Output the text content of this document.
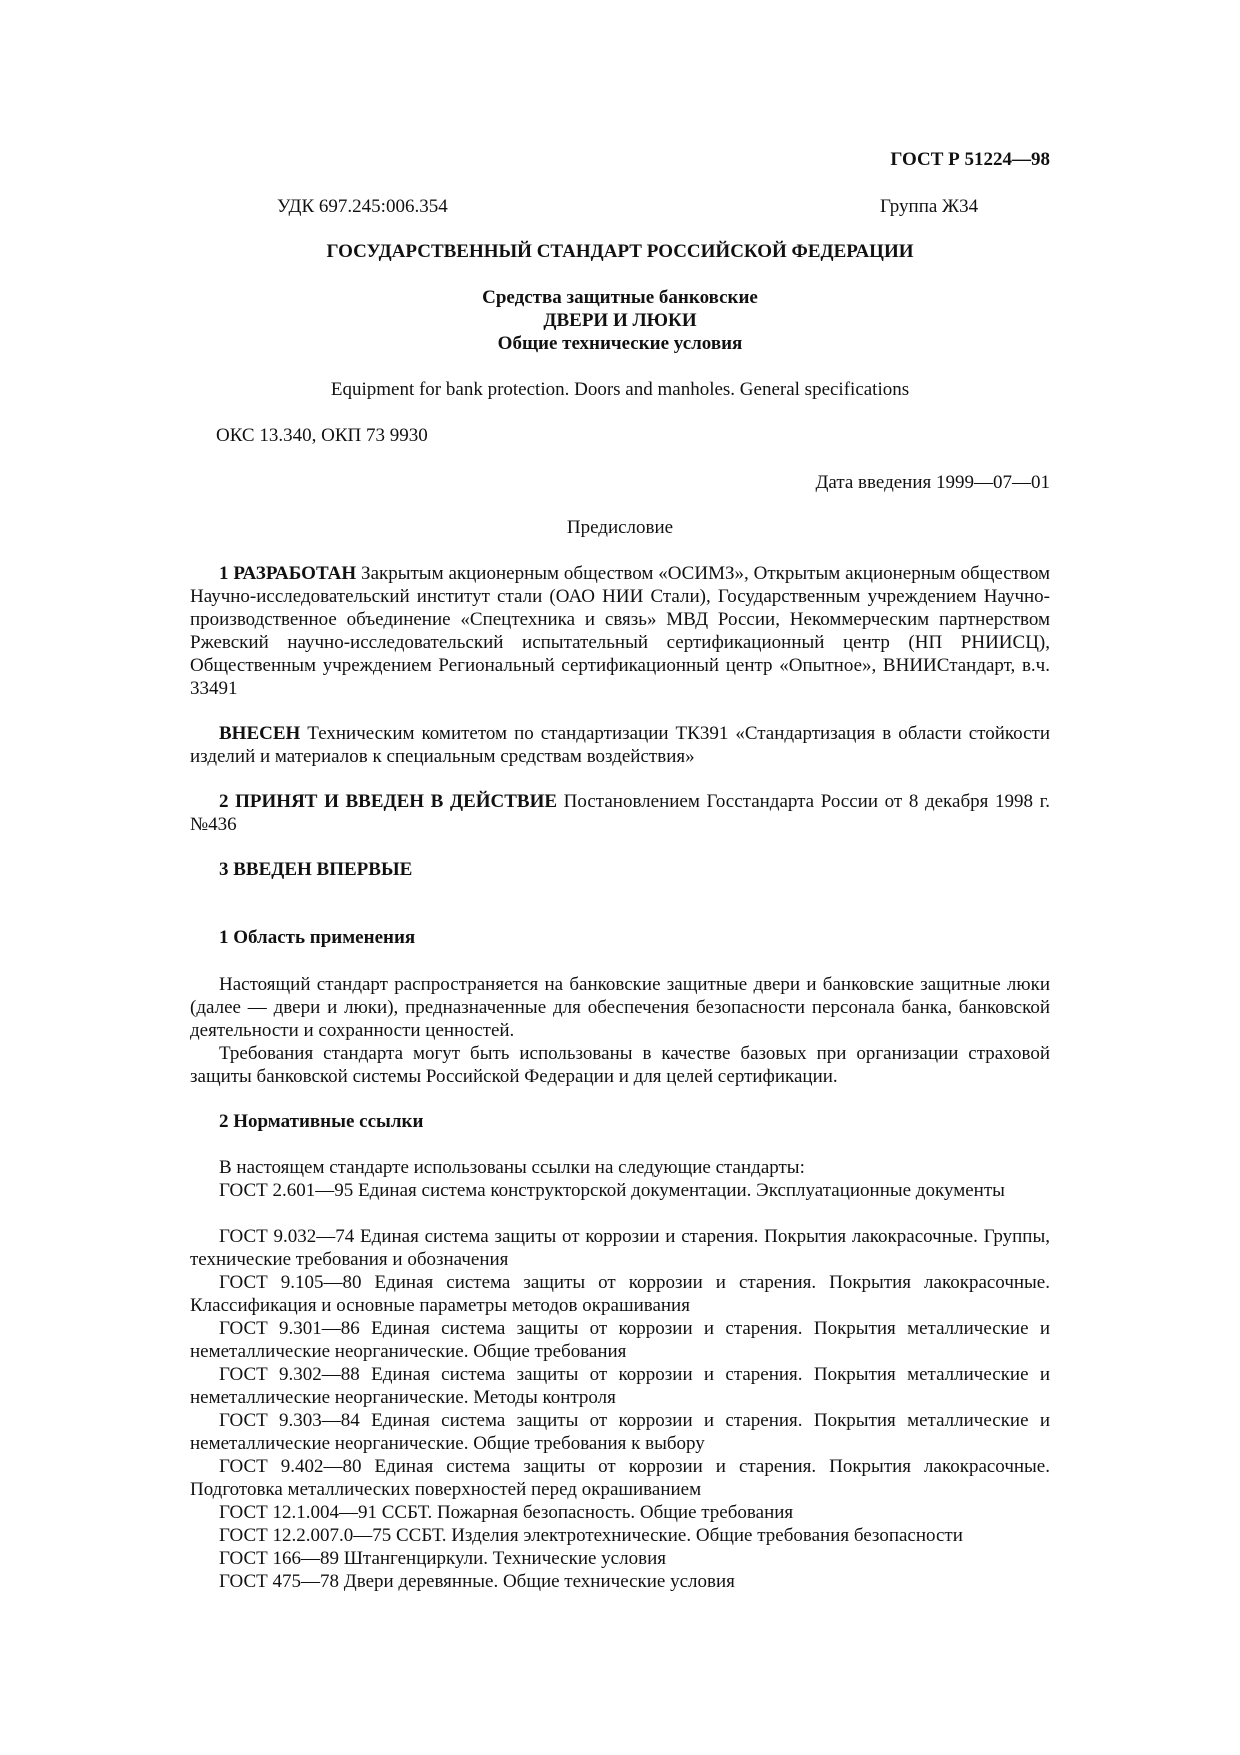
ГОСТ Р 51224—98
УДК 697.245:006.354	Группа Ж34
ГОСУДАРСТВЕННЫЙ СТАНДАРТ РОССИЙСКОЙ ФЕДЕРАЦИИ
Средства защитные банковские
ДВЕРИ И ЛЮКИ
Общие технические условия
Equipment for bank protection. Doors and manholes. General specifications
ОКС 13.340, ОКП 73 9930
Дата введения 1999—07—01
Предисловие
1 РАЗРАБОТАН Закрытым акционерным обществом «ОСИМЗ», Открытым акционерным обществом Научно-исследовательский институт стали (ОАО НИИ Стали), Государственным учреждением Научно-производственное объединение «Спецтехника и связь» МВД России, Некоммерческим партнерством Ржевский научно-исследовательский испытательный сертификационный центр (НП РНИИСЦ), Общественным учреждением Региональный сертификационный центр «Опытное», ВНИИСтандарт, в.ч. 33491
ВНЕСЕН Техническим комитетом по стандартизации ТК391 «Стандартизация в области стойкости изделий и материалов к специальным средствам воздействия»
2 ПРИНЯТ И ВВЕДЕН В ДЕЙСТВИЕ Постановлением Госстандарта России от 8 декабря 1998 г. №436
3 ВВЕДЕН ВПЕРВЫЕ
1 Область применения
Настоящий стандарт распространяется на банковские защитные двери и банковские защитные люки (далее — двери и люки), предназначенные для обеспечения безопасности персонала банка, банковской деятельности и сохранности ценностей.
Требования стандарта могут быть использованы в качестве базовых при организации страховой защиты банковской системы Российской Федерации и для целей сертификации.
2 Нормативные ссылки
В настоящем стандарте использованы ссылки на следующие стандарты:
ГОСТ 2.601—95 Единая система конструкторской документации. Эксплуатационные документы
ГОСТ 9.032—74 Единая система защиты от коррозии и старения. Покрытия лакокрасочные. Группы, технические требования и обозначения
ГОСТ 9.105—80 Единая система защиты от коррозии и старения. Покрытия лакокрасочные. Классификация и основные параметры методов окрашивания
ГОСТ 9.301—86 Единая система защиты от коррозии и старения. Покрытия металлические и неметаллические неорганические. Общие требования
ГОСТ 9.302—88 Единая система защиты от коррозии и старения. Покрытия металлические и неметаллические неорганические. Методы контроля
ГОСТ 9.303—84 Единая система защиты от коррозии и старения. Покрытия металлические и неметаллические неорганические. Общие требования к выбору
ГОСТ 9.402—80 Единая система защиты от коррозии и старения. Покрытия лакокрасочные. Подготовка металлических поверхностей перед окрашиванием
ГОСТ 12.1.004—91 ССБТ. Пожарная безопасность. Общие требования
ГОСТ 12.2.007.0—75 ССБТ. Изделия электротехнические. Общие требования безопасности
ГОСТ 166—89 Штангенциркули. Технические условия
ГОСТ 475—78 Двери деревянные. Общие технические условия
